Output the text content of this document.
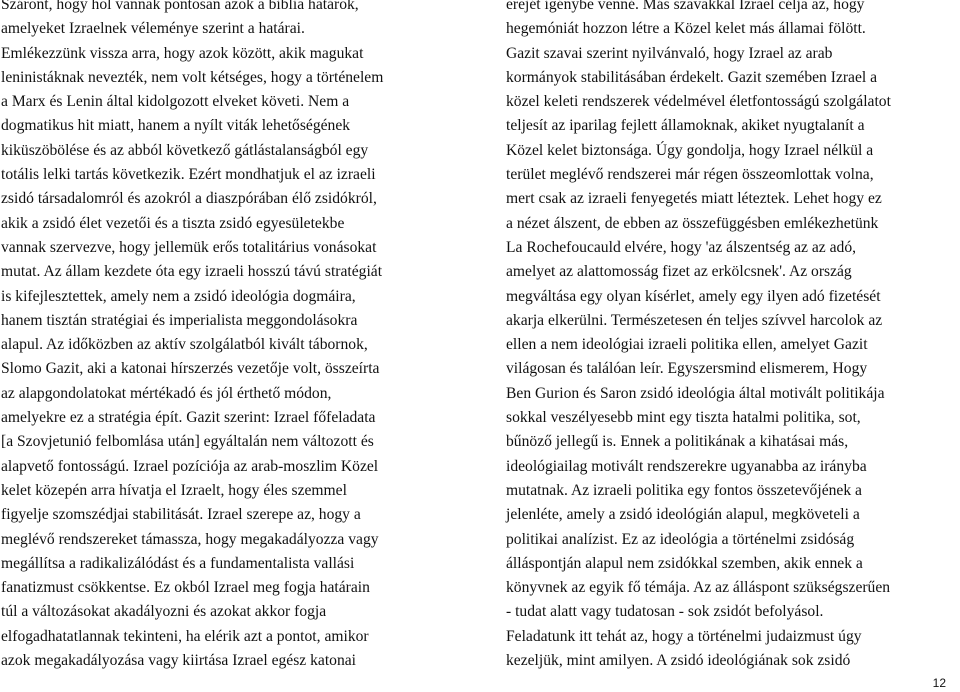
Száront, hogy hol vannak pontosan azok a biblia határok,
amelyeket Izraelnek véleménye szerint a határai.
Emlékezzünk vissza arra, hogy azok között, akik magukat
leninistáknak nevezték, nem volt kétséges, hogy a történelem
a Marx és Lenin által kidolgozott elveket követi. Nem a
dogmatikus hit miatt, hanem a nyílt viták lehetőségének
kiküszöbölése és az abból következő gátlástalanságból egy
totális lelki tartás következik. Ezért mondhatjuk el az izraeli
zsidó társadalomról és azokról a diaszpórában élő zsidókról,
akik a zsidó élet vezetői és a tiszta zsidó egyesületekbe
vannak szervezve, hogy jellemük erős totalitárius vonásokat
mutat. Az állam kezdete óta egy izraeli hosszú távú stratégiát
is kifejlesztettek, amely nem a zsidó ideológia dogmáira,
hanem tisztán stratégiai és imperialista meggondolásokra
alapul. Az időközben az aktív szolgálatból kivált tábornok,
Slomo Gazit, aki a katonai hírszerzés vezetője volt, összeírta
az alapgondolatokat mértékadó és jól érthető módon,
amelyekre ez a stratégia épít. Gazit szerint: Izrael főfeladata
[a Szovjetunió felbomlása után] egyáltalán nem változott és
alapvető fontosságú. Izrael pozíciója az arab-moszlim Közel
kelet közepén arra hívatja el Izraelt, hogy éles szemmel
figyelje szomszédjai stabilitását. Izrael szerepe az, hogy a
meglévő rendszereket támassza, hogy megakadályozza vagy
megállítsa a radikalizálódást és a fundamentalista vallási
fanatizmust csökkentse. Ez okból Izrael meg fogja határain
túl a változásokat akadályozni és azokat akkor fogja
elfogadhatatlannak tekinteni, ha elérik azt a pontot, amikor
azok megakadályozása vagy kiirtása Izrael egész katonai
erejét igénybe venné. Más szavakkal Izrael célja az, hogy
hegemóniát hozzon létre a Közel kelet más államai fölött.
Gazit szavai szerint nyilvánvaló, hogy Izrael az arab
kormányok stabilitásában érdekelt. Gazit szemében Izrael a
közel keleti rendszerek védelmével életfontosságú szolgálatot
teljesít az iparilag fejlett államoknak, akiket nyugtalanít a
Közel kelet biztonsága. Úgy gondolja, hogy Izrael nélkül a
terület meglévő rendszerei már régen összeomlottak volna,
mert csak az izraeli fenyegetés miatt léteztek. Lehet hogy ez
a nézet álszent, de ebben az összefüggésben emlékezhetünk
La Rochefoucauld elvére, hogy 'az álszentség az az adó,
amelyet az alattomosság fizet az erkölcsnek'. Az ország
megváltása egy olyan kísérlet, amely egy ilyen adó fizetését
akarja elkerülni. Természetesen én teljes szívvel harcolok az
ellen a nem ideológiai izraeli politika ellen, amelyet Gazit
világosan és találóan leír. Egyszersmind elismerem, Hogy
Ben Gurion és Saron zsidó ideológia által motivált politikája
sokkal veszélyesebb mint egy tiszta hatalmi politika, sot,
bűnöző jellegű is. Ennek a politikának a kihatásai más,
ideológiailag motivált rendszerekre ugyanabba az irányba
mutatnak. Az izraeli politika egy fontos összetevőjének a
jelenléte, amely a zsidó ideológián alapul, megköveteli a
politikai analízist. Ez az ideológia a történelmi zsidóság
álláspontján alapul nem zsidókkal szemben, akik ennek a
könyvnek az egyik fő témája. Az az álláspont szükségszerűen
- tudat alatt vagy tudatosan - sok zsidót befolyásol.
Feladatunk itt tehát az, hogy a történelmi judaizmust úgy
kezeljük, mint amilyen. A zsidó ideológiának sok zsidó
12
